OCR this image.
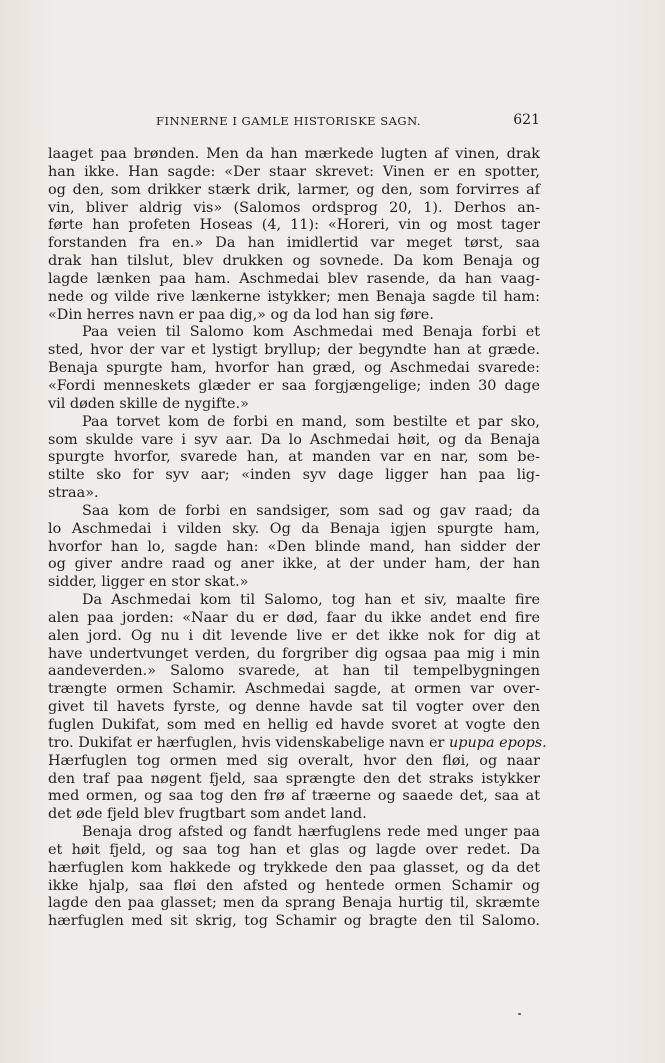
FINNERNE I GAMLE HISTORISKE SAGN.	621
laaget paa brønden. Men da han mærkede lugten af vinen, drak
han ikke. Han sagde: «Der staar skrevet: Vinen er en spotter,
og den, som drikker stærk drik, larmer, og den, som forvirres af
vin, bliver aldrig vis» (Salomos ordsprog 20, 1). Derhos an-
førte han profeten Hoseas (4, 11): «Horeri, vin og most tager
forstanden fra en.» Da han imidlertid var meget tørst, saa
drak han tilslut, blev drukken og sovnede. Da kom Benaja og
lagde lænken paa ham. Aschmedai blev rasende, da han vaag-
nede og vilde rive lænkerne istykker; men Benaja sagde til ham:
«Din herres navn er paa dig,» og da lod han sig føre.
Paa veien til Salomo kom Aschmedai med Benaja forbi et
sted, hvor der var et lystigt bryllup; der begyndte han at græde.
Benaja spurgte ham, hvorfor han græd, og Aschmedai svarede:
«Fordi menneskets glæder er saa forgjængelige; inden 30 dage
vil døden skille de nygifte.»
Paa torvet kom de forbi en mand, som bestilte et par sko,
som skulde vare i syv aar. Da lo Aschmedai høit, og da Benaja
spurgte hvorfor, svarede han, at manden var en nar, som be-
stilte sko for syv aar; «inden syv dage ligger han paa lig-
straa».
Saa kom de forbi en sandsiger, som sad og gav raad; da
lo Aschmedai i vilden sky. Og da Benaja igjen spurgte ham,
hvorfor han lo, sagde han: «Den blinde mand, han sidder der
og giver andre raad og aner ikke, at der under ham, der han
sidder, ligger en stor skat.»
Da Aschmedai kom til Salomo, tog han et siv, maalte fire
alen paa jorden: «Naar du er død, faar du ikke andet end fire
alen jord. Og nu i dit levende live er det ikke nok for dig at
have undertvunget verden, du forgriber dig ogsaa paa mig i min
aandeverden.» Salomo svarede, at han til tempelbygningen
trængte ormen Schamir. Aschmedai sagde, at ormen var over-
givet til havets fyrste, og denne havde sat til vogter over den
fuglen Dukifat, som med en hellig ed havde svoret at vogte den
tro. Dukifat er hærfuglen, hvis videnskabelige navn er upupa epops.
Hærfuglen tog ormen med sig overalt, hvor den fløi, og naar
den traf paa nøgent fjeld, saa sprængte den det straks istykker
med ormen, og saa tog den frø af træerne og saaede det, saa at
det øde fjeld blev frugtbart som andet land.
Benaja drog afsted og fandt hærfuglens rede med unger paa
et høit fjeld, og saa tog han et glas og lagde over redet. Da
hærfuglen kom hakkede og trykkede den paa glasset, og da det
ikke hjalp, saa fløi den afsted og hentede ormen Schamir og
lagde den paa glasset; men da sprang Benaja hurtig til, skræmte
hærfuglen med sit skrig, tog Schamir og bragte den til Salomo.
